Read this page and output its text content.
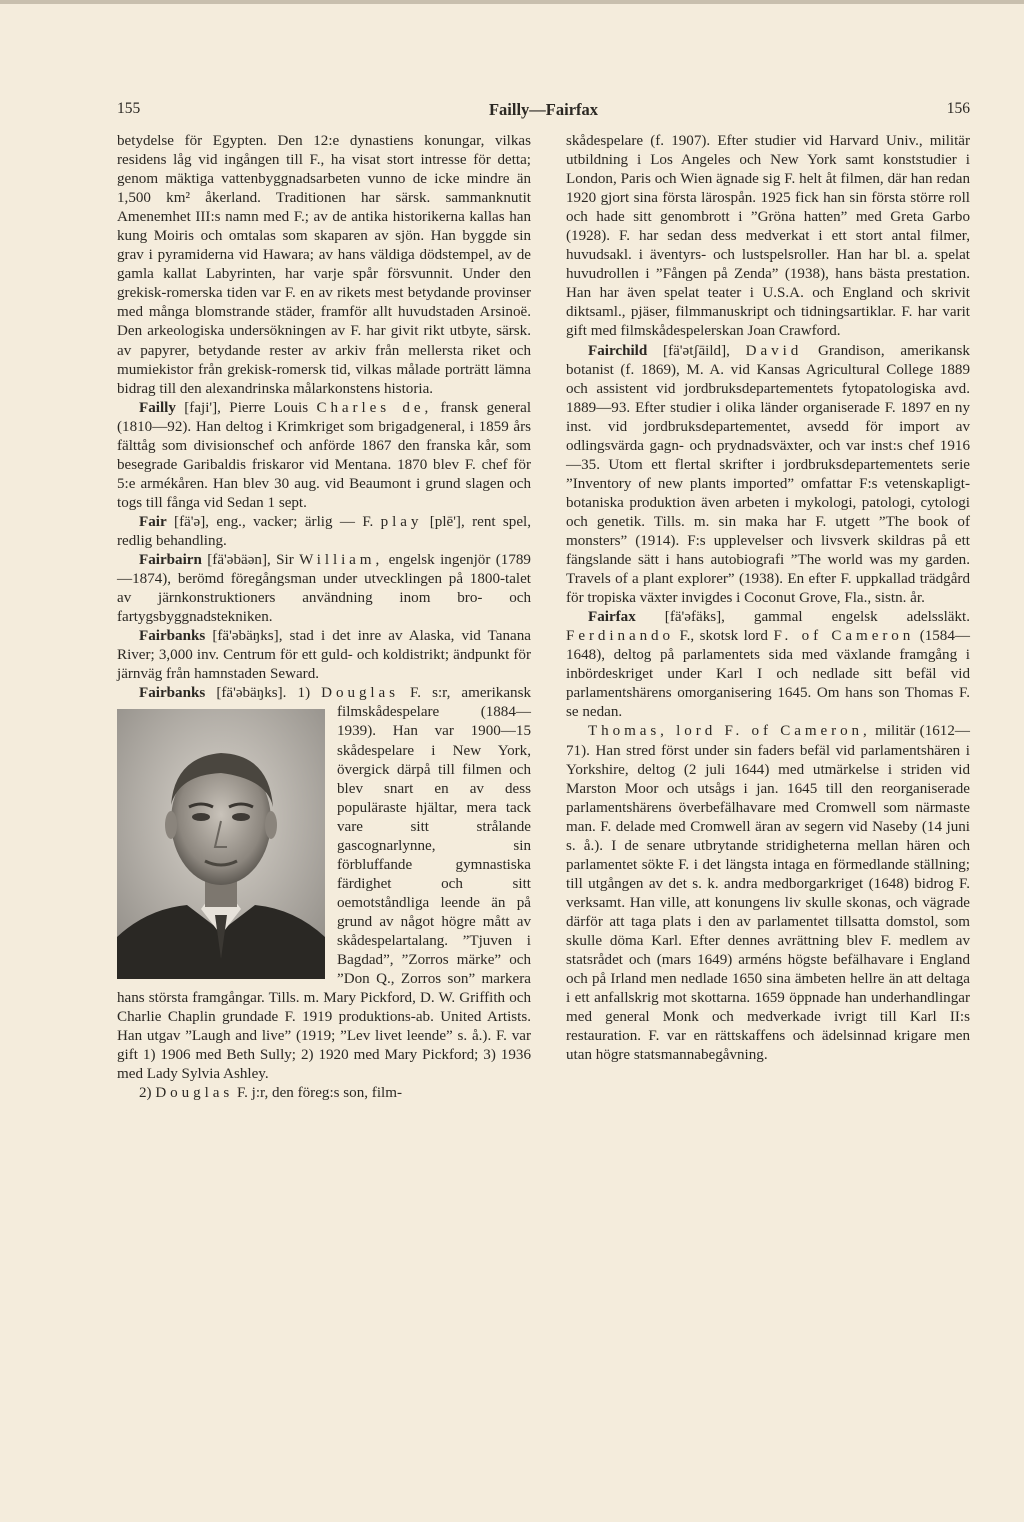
155	Failly—Fairfax	156

betydelse för Egypten. Den 12:e dynastiens konungar, vilkas residens låg vid ingången till F., ha visat stort intresse för detta; genom mäktiga vattenbyggnadsarbeten vunno de icke mindre än 1,500 km² åkerland. Traditionen har särsk. sammanknutit Amenemhet III:s namn med F.; av de antika historikerna kallas han kung Moiris och omtalas som skaparen av sjön. Han byggde sin grav i pyramiderna vid Hawara; av hans väldiga dödstempel, av de gamla kallat Labyrinten, har varje spår försvunnit. Under den grekisk-romerska tiden var F. en av rikets mest betydande provinser med många blomstrande städer, framför allt huvudstaden Arsinoë. Den arkeologiska undersökningen av F. har givit rikt utbyte, särsk. av papyrer, betydande rester av arkiv från mellersta riket och mumiekistor från grekisk-romersk tid, vilkas målade porträtt lämna bidrag till den alexandrinska målarkonstens historia.

Failly [faji'], Pierre Louis Charles de, fransk general (1810—92). Han deltog i Krimkriget som brigadgeneral, i 1859 års fälttåg som divisionschef och anförde 1867 den franska kår, som besegrade Garibaldis friskaror vid Mentana. 1870 blev F. chef för 5:e armékåren. Han blev 30 aug. vid Beaumont i grund slagen och togs till fånga vid Sedan 1 sept.

Fair [fä'ə], eng., vacker; ärlig — F. play [plē'], rent spel, redlig behandling.

Fairbairn [fä'əbäən], Sir William, engelsk ingenjör (1789—1874), berömd föregångsman under utvecklingen på 1800-talet av järnkonstruktioners användning inom bro- och fartygsbyggnadstekniken.

Fairbanks [fä'əbäŋks], stad i det inre av Alaska, vid Tanana River; 3,000 inv. Centrum för ett guld- och koldistrikt; ändpunkt för järnväg från hamnstaden Seward.

Fairbanks [fä'əbäŋks]. 1) Douglas F. s:r, amerikansk filmskådespelare (1884—1939). Han var 1900—15 skådespelare i New York, övergick därpå till filmen och blev snart en av dess populäraste hjältar, mera tack vare sitt strålande gascognarlynne, sin förbluffande gymnastiska färdighet och sitt oemotståndliga leende än på grund av något högre mått av skådespelartalang. ”Tjuven i Bagdad”, ”Zorros märke” och ”Don Q., Zorros son” markera hans största framgångar. Tills. m. Mary Pickford, D. W. Griffith och Charlie Chaplin grundade F. 1919 produktions-ab. United Artists. Han utgav ”Laugh and live” (1919; ”Lev livet leende” s. å.). F. var gift 1) 1906 med Beth Sully; 2) 1920 med Mary Pickford; 3) 1936 med Lady Sylvia Ashley.

2) Douglas F. j:r, den föreg:s son, film-

skådespelare (f. 1907). Efter studier vid Harvard Univ., militär utbildning i Los Angeles och New York samt konststudier i London, Paris och Wien ägnade sig F. helt åt filmen, där han redan 1920 gjort sina första lärospån. 1925 fick han sin första större roll och hade sitt genombrott i ”Gröna hatten” med Greta Garbo (1928). F. har sedan dess medverkat i ett stort antal filmer, huvudsakl. i äventyrs- och lustspelsroller. Han har bl. a. spelat huvudrollen i ”Fången på Zenda” (1938), hans bästa prestation. Han har även spelat teater i U.S.A. och England och skrivit diktsaml., pjäser, filmmanuskript och tidningsartiklar. F. har varit gift med filmskådespelerskan Joan Crawford.

Fairchild [fä'ətʃāild], David Grandison, amerikansk botanist (f. 1869), M. A. vid Kansas Agricultural College 1889 och assistent vid jordbruksdepartementets fytopatologiska avd. 1889—93. Efter studier i olika länder organiserade F. 1897 en ny inst. vid jordbruksdepartementet, avsedd för import av odlingsvärda gagn- och prydnadsväxter, och var inst:s chef 1916—35. Utom ett flertal skrifter i jordbruksdepartementets serie ”Inventory of new plants imported” omfattar F:s vetenskapligt-botaniska produktion även arbeten i mykologi, patologi, cytologi och genetik. Tills. m. sin maka har F. utgett ”The book of monsters” (1914). F:s upplevelser och livsverk skildras på ett fängslande sätt i hans autobiografi ”The world was my garden. Travels of a plant explorer” (1938). En efter F. uppkallad trädgård för tropiska växter invigdes i Coconut Grove, Fla., sistn. år.

Fairfax [fä'əfäks], gammal engelsk adelssläkt. Ferdinando F., skotsk lord F. of Cameron (1584—1648), deltog på parlamentets sida med växlande framgång i inbördeskriget under Karl I och nedlade sitt befäl vid parlamentshärens omorganisering 1645. Om hans son Thomas F. se nedan.

Thomas, lord F. of Cameron, militär (1612—71). Han stred först under sin faders befäl vid parlamentshären i Yorkshire, deltog (2 juli 1644) med utmärkelse i striden vid Marston Moor och utsågs i jan. 1645 till den reorganiserade parlamentshärens överbefälhavare med Cromwell som närmaste man. F. delade med Cromwell äran av segern vid Naseby (14 juni s. å.). I de senare utbrytande stridigheterna mellan hären och parlamentet sökte F. i det längsta intaga en förmedlande ställning; till utgången av det s. k. andra medborgarkriget (1648) bidrog F. verksamt. Han ville, att konungens liv skulle skonas, och vägrade därför att taga plats i den av parlamentet tillsatta domstol, som skulle döma Karl. Efter dennes avrättning blev F. medlem av statsrådet och (mars 1649) arméns högste befälhavare i England och på Irland men nedlade 1650 sina ämbeten hellre än att deltaga i ett anfallskrig mot skottarna. 1659 öppnade han underhandlingar med general Monk och medverkade ivrigt till Karl II:s restauration. F. var en rättskaffens och ädelsinnad krigare men utan högre statsmannabegåvning.
